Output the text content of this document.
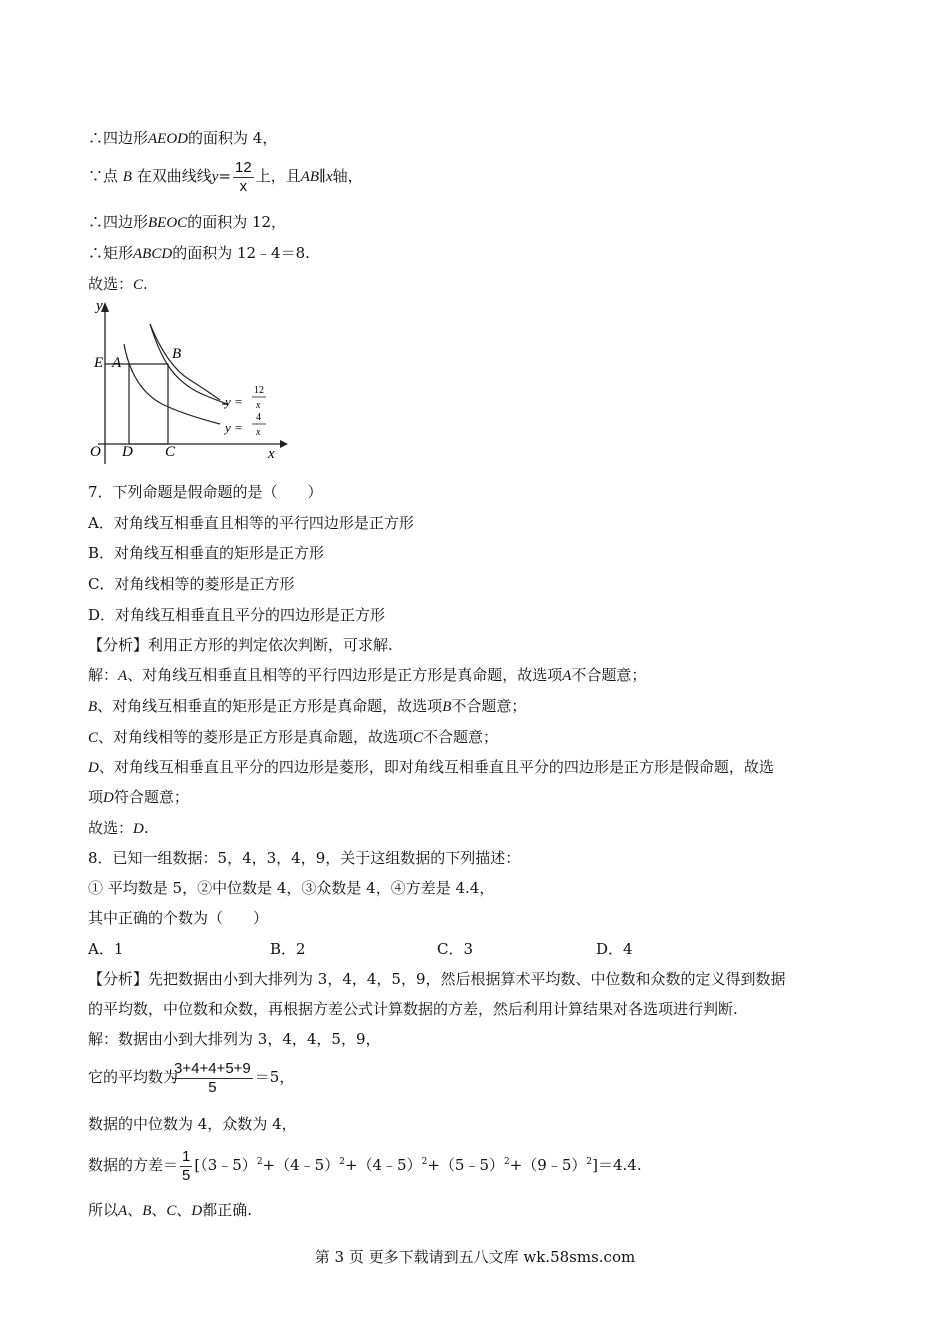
∴四边形AEOD的面积为 4，
∵点 B 在双曲线线$y= \frac{12}{x}$ 上，且AB∥x轴，
∴四边形BEOC的面积为 12，
∴矩形ABCD的面积为 12﹣4＝8.
故选：C.
y
x
O
E A
B
C
D
y =
12
x
y =
4
x
7．下列命题是假命题的是（　　）
A．对角线互相垂直且相等的平行四边形是正方形
B．对角线互相垂直的矩形是正方形
C．对角线相等的菱形是正方形
D．对角线互相垂直且平分的四边形是正方形
【分析】利用正方形的判定依次判断，可求解.
解：A、对角线互相垂直且相等的平行四边形是正方形是真命题，故选项A不合题意；
B、对角线互相垂直的矩形是正方形是真命题，故选项B不合题意；
C、对角线相等的菱形是正方形是真命题，故选项C不合题意；
D、对角线互相垂直且平分的四边形是菱形，即对角线互相垂直且平分的四边形是正方形是假命题，故选
项D符合题意；
故选：D.
8．已知一组数据：5，4，3，4，9，关于这组数据的下列描述：
① 平均数是 5，②中位数是 4，③众数是 4，④方差是 4.4，
其中正确的个数为（　　）
A．1	B．2	C．3	D．4
【分析】先把数据由小到大排列为 3，4，4，5，9，然后根据算术平均数、中位数和众数的定义得到数据
的平均数，中位数和众数，再根据方差公式计算数据的方差，然后利用计算结果对各选项进行判断.
解：数据由小到大排列为 3，4，4，5，9，
它的平均数为
$\frac{3+4+4+5+9}{5} =5$，
数据的中位数为 4，众数为 4，
数据的方差＝ $\frac{1}{5}$ [（3﹣5）$^2$+（4﹣5）$^2$+（4﹣5）$^2$+（5﹣5）$^2$+（9﹣5）$^2$]＝4.4.
所以A、B、C、D都正确.
第 3 页 更多下载请到五八文库 wk.58sms.com
